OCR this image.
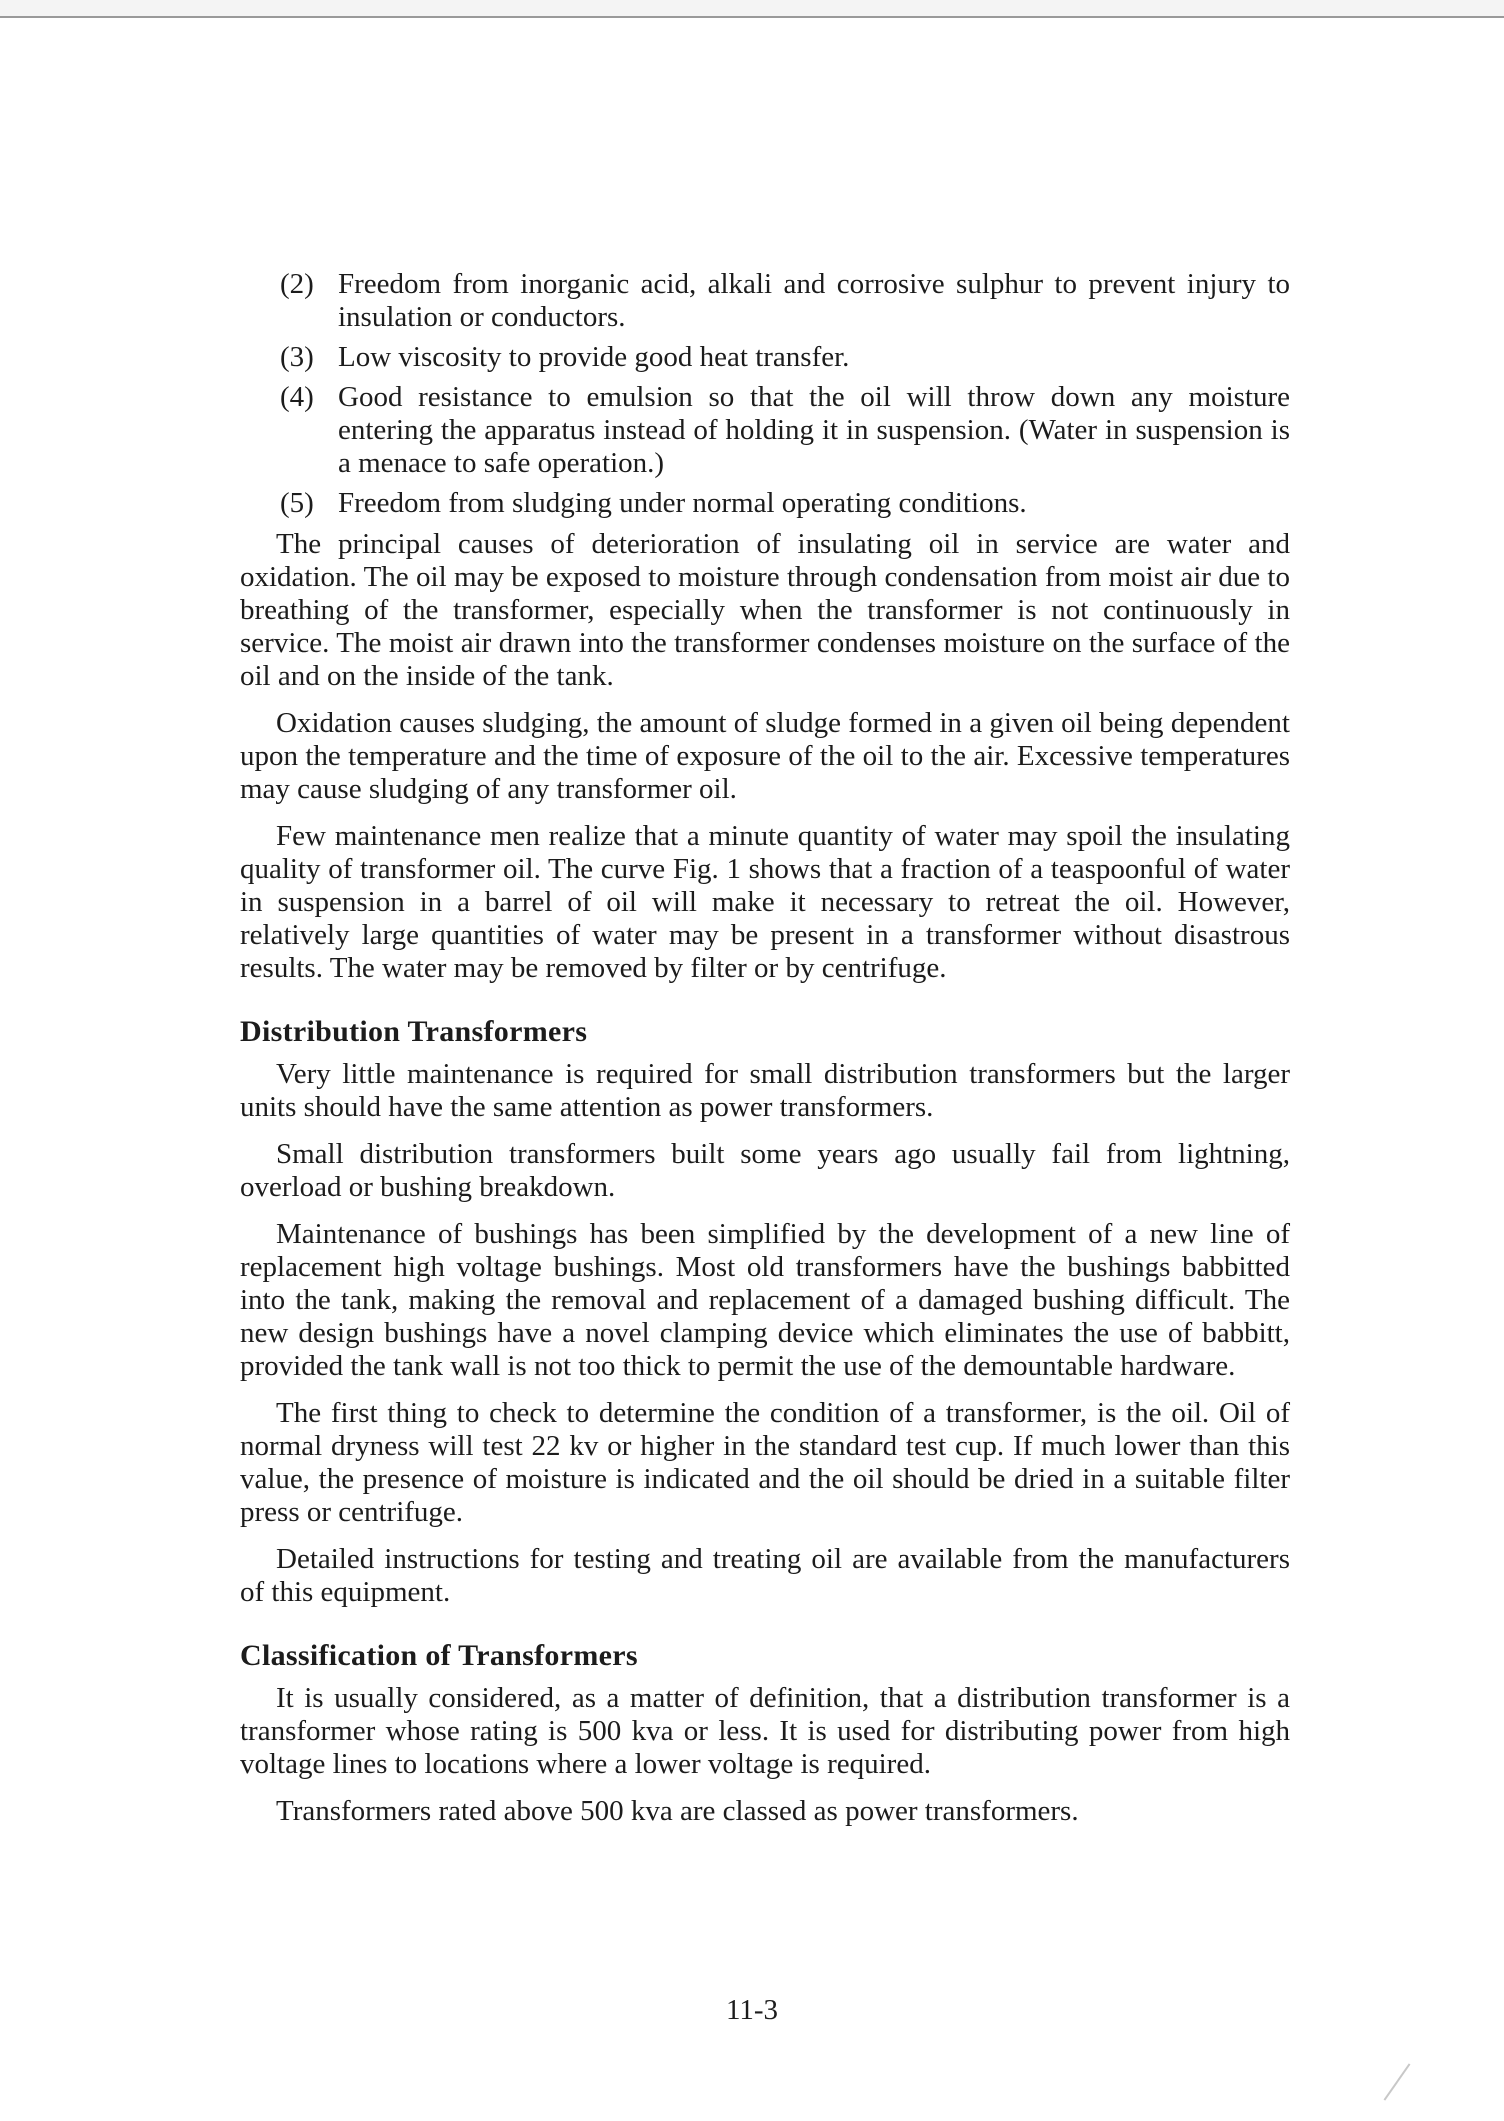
(2) Freedom from inorganic acid, alkali and corrosive sulphur to prevent injury to insulation or conductors.
(3) Low viscosity to provide good heat transfer.
(4) Good resistance to emulsion so that the oil will throw down any moisture entering the apparatus instead of holding it in suspension. (Water in suspension is a menace to safe operation.)
(5) Freedom from sludging under normal operating conditions.

The principal causes of deterioration of insulating oil in service are water and oxidation. The oil may be exposed to moisture through condensation from moist air due to breathing of the transformer, especially when the transformer is not continuously in service. The moist air drawn into the transformer condenses moisture on the surface of the oil and on the inside of the tank.

Oxidation causes sludging, the amount of sludge formed in a given oil being dependent upon the temperature and the time of exposure of the oil to the air. Excessive temperatures may cause sludging of any transformer oil.

Few maintenance men realize that a minute quantity of water may spoil the insulating quality of transformer oil. The curve Fig. 1 shows that a fraction of a teaspoonful of water in suspension in a barrel of oil will make it necessary to retreat the oil. However, relatively large quantities of water may be present in a transformer without disastrous results. The water may be removed by filter or by centrifuge.

Distribution Transformers

Very little maintenance is required for small distribution transformers but the larger units should have the same attention as power transformers.

Small distribution transformers built some years ago usually fail from lightning, overload or bushing breakdown.

Maintenance of bushings has been simplified by the development of a new line of replacement high voltage bushings. Most old transformers have the bushings babbitted into the tank, making the removal and replacement of a damaged bushing difficult. The new design bushings have a novel clamping device which eliminates the use of babbitt, provided the tank wall is not too thick to permit the use of the demountable hardware.

The first thing to check to determine the condition of a transformer, is the oil. Oil of normal dryness will test 22 kv or higher in the standard test cup. If much lower than this value, the presence of moisture is indicated and the oil should be dried in a suitable filter press or centrifuge.

Detailed instructions for testing and treating oil are available from the manufacturers of this equipment.

Classification of Transformers

It is usually considered, as a matter of definition, that a distribution transformer is a transformer whose rating is 500 kva or less. It is used for distributing power from high voltage lines to locations where a lower voltage is required.

Transformers rated above 500 kva are classed as power transformers.

11-3
